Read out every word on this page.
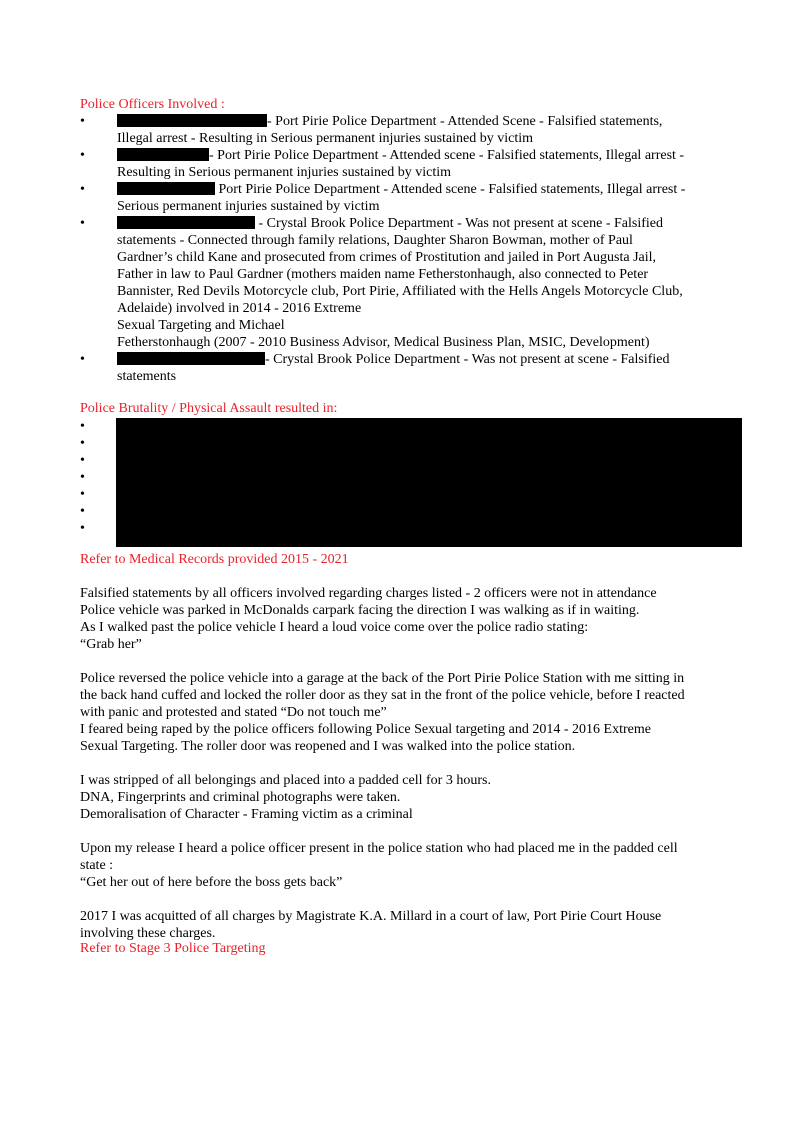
Police Officers Involved :
•	- Port Pirie Police Department - Attended Scene - Falsified statements,
Illegal arrest - Resulting in Serious permanent injuries sustained by victim
•	- Port Pirie Police Department - Attended scene - Falsified statements, Illegal arrest -
Resulting in Serious permanent injuries sustained by victim
•	Port Pirie Police Department - Attended scene - Falsified statements, Illegal arrest -
Serious permanent injuries sustained by victim
•	- Crystal Brook Police Department - Was not present at scene - Falsified
statements - Connected through family relations, Daughter Sharon Bowman, mother of Paul
Gardner’s child Kane and prosecuted from crimes of Prostitution and jailed in Port Augusta Jail,
Father in law to Paul Gardner (mothers maiden name Fetherstonhaugh, also connected to Peter
Bannister, Red Devils Motorcycle club, Port Pirie, Affiliated with the Hells Angels Motorcycle Club,
Adelaide) involved in 2014 - 2016 Extreme
Sexual Targeting and Michael
Fetherstonhaugh (2007 - 2010 Business Advisor, Medical Business Plan, MSIC, Development)
•	- Crystal Brook Police Department - Was not present at scene - Falsified
statements
Police Brutality / Physical Assault resulted in:
•
•
•
•
•
•
•
Refer to Medical Records provided 2015 - 2021

Falsified statements by all officers involved regarding charges listed - 2 officers were not in attendance

Police vehicle was parked in McDonalds carpark facing the direction I was walking as if in waiting.

As I walked past the police vehicle I heard a loud voice come over the police radio stating:

“Grab her”

Police reversed the police vehicle into a garage at the back of the Port Pirie Police Station with me sitting in

the back hand cuffed and locked the roller door as they sat in the front of the police vehicle, before I reacted

with panic and protested and stated “Do not touch me”

I feared being raped by the police officers following Police Sexual targeting and 2014 - 2016 Extreme

Sexual Targeting. The roller door was reopened and I was walked into the police station.

I was stripped of all belongings and placed into a padded cell for 3 hours.

DNA, Fingerprints and criminal photographs were taken.

Demoralisation of Character - Framing victim as a criminal

Upon my release I heard a police officer present in the police station who had placed me in the padded cell

state :

“Get her out of here before the boss gets back”

2017 I was acquitted of all charges by Magistrate K.A. Millard in a court of law, Port Pirie Court House

involving these charges.

Refer to Stage 3 Police Targeting
